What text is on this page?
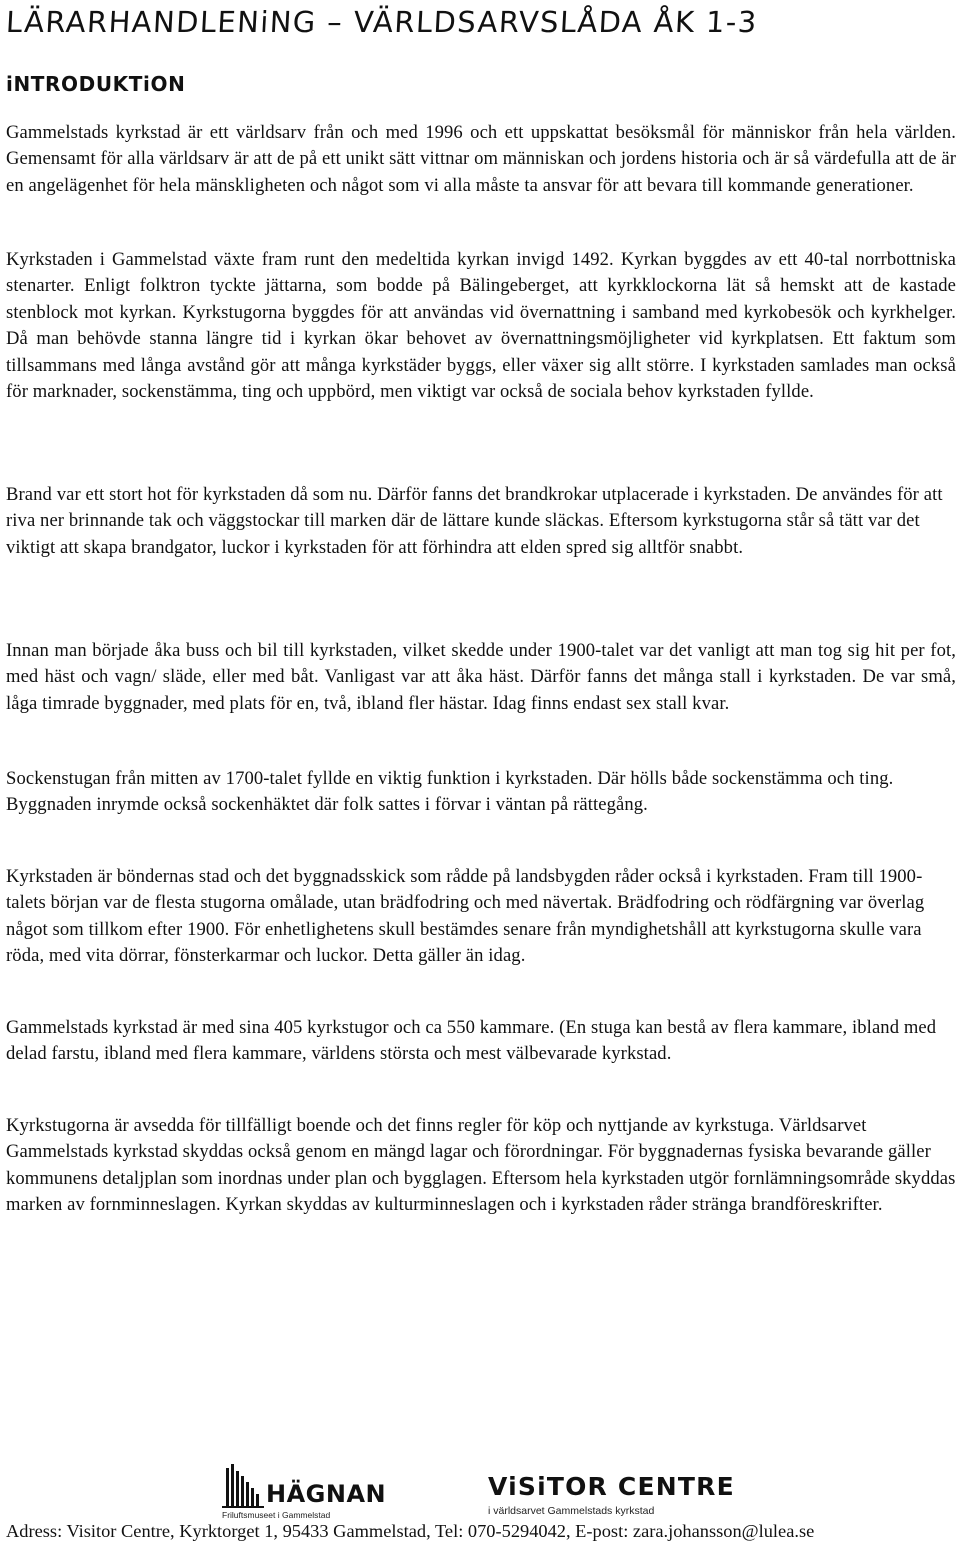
LÄRARHANDLENiNG – VÄRLDSARVSLÅDA ÅK 1-3
iNTRODUKTiON

Gammelstads kyrkstad är ett världsarv från och med 1996 och ett uppskattat besöksmål för människor från hela världen. Gemensamt för alla världsarv är att de på ett unikt sätt vittnar om människan och jordens historia och är så värdefulla att de är en angelägenhet för hela mänskligheten och något som vi alla måste ta ansvar för att bevara till kommande generationer.

Kyrkstaden i Gammelstad växte fram runt den medeltida kyrkan invigd 1492. Kyrkan byggdes av ett 40-tal norrbottniska stenarter. Enligt folktron tyckte jättarna, som bodde på Bälingeberget, att kyrkklockorna lät så hemskt att de kastade stenblock mot kyrkan. Kyrkstugorna byggdes för att användas vid övernattning i samband med kyrkobesök och kyrkhelger. Då man behövde stanna längre tid i kyrkan ökar behovet av övernattningsmöjligheter vid kyrkplatsen. Ett faktum som tillsammans med långa avstånd gör att många kyrkstäder byggs, eller växer sig allt större. I kyrkstaden samlades man också för marknader, sockenstämma, ting och uppbörd, men viktigt var också de sociala behov kyrkstaden fyllde.

Brand var ett stort hot för kyrkstaden då som nu. Därför fanns det brandkrokar utplacerade i kyrkstaden. De användes för att riva ner brinnande tak och väggstockar till marken där de lättare kunde släckas. Eftersom kyrkstugorna står så tätt var det viktigt att skapa brandgator, luckor i kyrkstaden för att förhindra att elden spred sig alltför snabbt.

Innan man började åka buss och bil till kyrkstaden, vilket skedde under 1900-talet var det vanligt att man tog sig hit per fot, med häst och vagn/ släde, eller med båt. Vanligast var att åka häst. Därför fanns det många stall i kyrkstaden. De var små, låga timrade byggnader, med plats för en, två, ibland fler hästar. Idag finns endast sex stall kvar.

Sockenstugan från mitten av 1700-talet fyllde en viktig funktion i kyrkstaden. Där hölls både sockenstämma och ting. Byggnaden inrymde också sockenhäktet där folk sattes i förvar i väntan på rättegång.

Kyrkstaden är böndernas stad och det byggnadsskick som rådde på landsbygden råder också i kyrkstaden. Fram till 1900-talets början var de flesta stugorna omålade, utan brädfodring och med nävertak. Brädfodring och rödfärgning var överlag något som tillkom efter 1900. För enhetlighetens skull bestämdes senare från myndighetshåll att kyrkstugorna skulle vara röda, med vita dörrar, fönsterkarmar och luckor. Detta gäller än idag.

Gammelstads kyrkstad är med sina 405 kyrkstugor och ca 550 kammare. (En stuga kan bestå av flera kammare, ibland med delad farstu, ibland med flera kammare, världens största och mest välbevarade kyrkstad.

Kyrkstugorna är avsedda för tillfälligt boende och det finns regler för köp och nyttjande av kyrkstuga. Världsarvet Gammelstads kyrkstad skyddas också genom en mängd lagar och förordningar. För byggnadernas fysiska bevarande gäller kommunens detaljplan som inordnas under plan och bygglagen. Eftersom hela kyrkstaden utgör fornlämningsområde skyddas marken av fornminneslagen. Kyrkan skyddas av kulturminneslagen och i kyrkstaden råder stränga brandföreskrifter.

HÄGNAN
Friluftsmuseet i Gammelstad
ViSiTOR CENTRE
i världsarvet Gammelstads kyrkstad

Adress: Visitor Centre, Kyrktorget 1, 95433 Gammelstad, Tel: 070-5294042, E-post: zara.johansson@lulea.se
